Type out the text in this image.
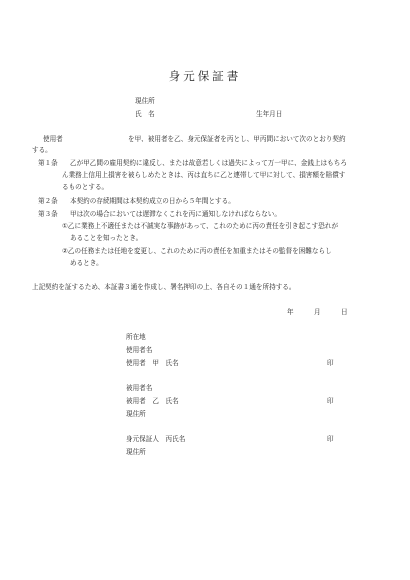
身元保証書
現住所
氏　名	生年月日
使用者	を甲、被用者を乙、身元保証者を丙とし、甲丙間において次のとおり契約
する。
第１条 乙が甲乙間の雇用契約に違反し、または故意若しくは過失によって万一甲に、金銭上はもちろ
ん業務上信用上損害を被らしめたときは、丙は直ちに乙と連帯して甲に対して、損害額を賠償す
るものとする。
第２条 本契約の存続期間は本契約成立の日から５年間とする。
第３条 甲は次の場合においては遅滞なくこれを丙に通知しなければならない。
①乙に業務上不適任または不誠実な事跡があって、これのために丙の責任を引き起こす恐れが
あることを知ったとき。
②乙の任務または任地を変更し、これのために丙の責任を加重またはその監督を困難ならし
めるとき。
上記契約を証するため、本証書３通を作成し、署名押印の上、各自その１通を所持する。
年	月	日
所在地
使用者名
使用者　甲　氏名	印
被用者名
被用者　乙　氏名	印
現住所
身元保証人　丙氏名	印
現住所
